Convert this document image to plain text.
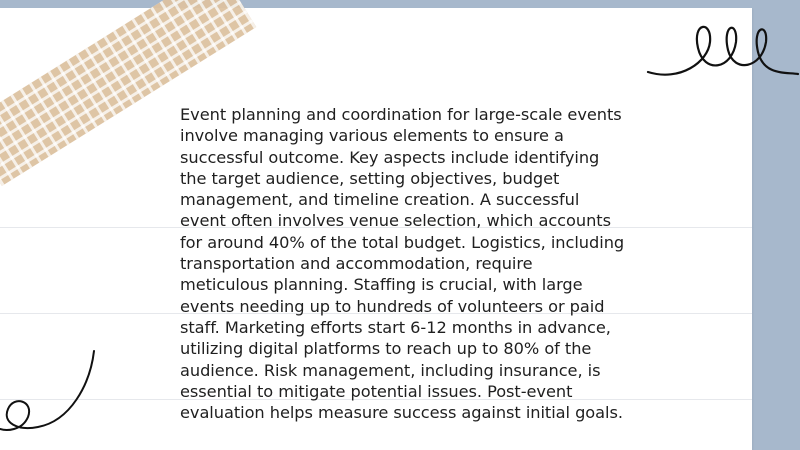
Event planning and coordination for large-scale events involve managing various elements to ensure a successful outcome. Key aspects include identifying the target audience, setting objectives, budget management, and timeline creation. A successful event often involves venue selection, which accounts for around 40% of the total budget. Logistics, including transportation and accommodation, require meticulous planning. Staffing is crucial, with large events needing up to hundreds of volunteers or paid staff. Marketing efforts start 6-12 months in advance, utilizing digital platforms to reach up to 80% of the audience. Risk management, including insurance, is essential to mitigate potential issues. Post-event evaluation helps measure success against initial goals.
